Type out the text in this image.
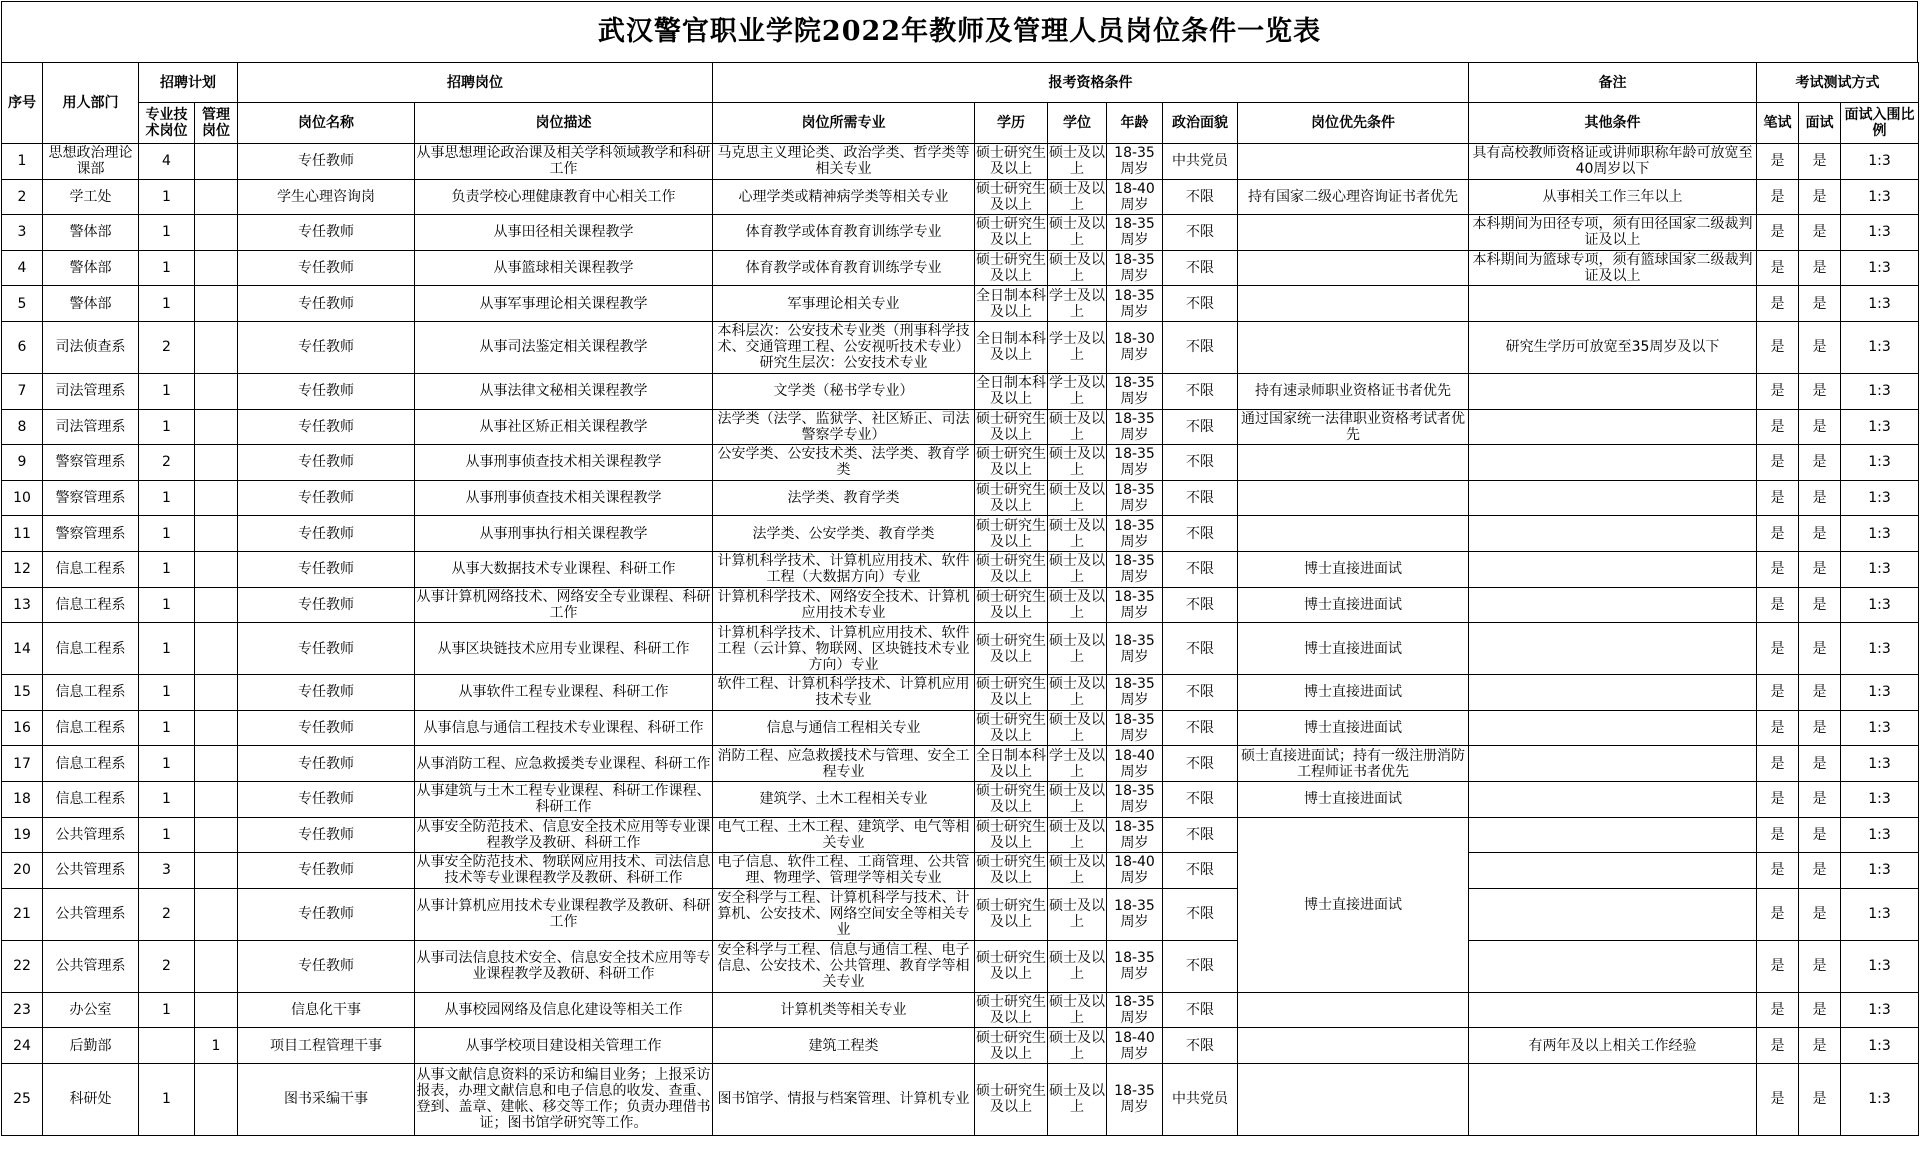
武汉警官职业学院2022年教师及管理人员岗位条件一览表
序号	用人部门	招聘计划		招聘岗位		报考资格条件						备注	考试测试方式		
		专业技术岗位	管理岗位	岗位名称	岗位描述	岗位所需专业	学历	学位	年龄	政治面貌	岗位优先条件	其他条件	笔试	面试	面试入围比例
1	思想政治理论课部	4		专任教师	从事思想理论政治课及相关学科领域教学和科研工作	马克思主义理论类、政治学类、哲学类等相关专业	硕士研究生及以上	硕士及以上	18-35周岁	中共党员		具有高校教师资格证或讲师职称年龄可放宽至40周岁以下	是	是	1:3
2	学工处	1		学生心理咨询岗	负责学校心理健康教育中心相关工作	心理学类或精神病学类等相关专业	硕士研究生及以上	硕士及以上	18-40周岁	不限	持有国家二级心理咨询证书者优先	从事相关工作三年以上	是	是	1:3
3	警体部	1		专任教师	从事田径相关课程教学	体育教学或体育教育训练学专业	硕士研究生及以上	硕士及以上	18-35周岁	不限		本科期间为田径专项，须有田径国家二级裁判证及以上	是	是	1:3
4	警体部	1		专任教师	从事篮球相关课程教学	体育教学或体育教育训练学专业	硕士研究生及以上	硕士及以上	18-35周岁	不限		本科期间为篮球专项，须有篮球国家二级裁判证及以上	是	是	1:3
5	警体部	1		专任教师	从事军事理论相关课程教学	军事理论相关专业	全日制本科及以上	学士及以上	18-35周岁	不限			是	是	1:3
6	司法侦查系	2		专任教师	从事司法鉴定相关课程教学	本科层次：公安技术专业类（刑事科学技术、交通管理工程、公安视听技术专业）研究生层次：公安技术专业	全日制本科及以上	学士及以上	18-30周岁	不限		研究生学历可放宽至35周岁及以下	是	是	1:3
7	司法管理系	1		专任教师	从事法律文秘相关课程教学	文学类（秘书学专业）	全日制本科及以上	学士及以上	18-35周岁	不限	持有速录师职业资格证书者优先		是	是	1:3
8	司法管理系	1		专任教师	从事社区矫正相关课程教学	法学类（法学、监狱学、社区矫正、司法警察学专业）	硕士研究生及以上	硕士及以上	18-35周岁	不限	通过国家统一法律职业资格考试者优先		是	是	1:3
9	警察管理系	2		专任教师	从事刑事侦查技术相关课程教学	公安学类、公安技术类、法学类、教育学类	硕士研究生及以上	硕士及以上	18-35周岁	不限			是	是	1:3
10	警察管理系	1		专任教师	从事刑事侦查技术相关课程教学	法学类、教育学类	硕士研究生及以上	硕士及以上	18-35周岁	不限			是	是	1:3
11	警察管理系	1		专任教师	从事刑事执行相关课程教学	法学类、公安学类、教育学类	硕士研究生及以上	硕士及以上	18-35周岁	不限			是	是	1:3
12	信息工程系	1		专任教师	从事大数据技术专业课程、科研工作	计算机科学技术、计算机应用技术、软件工程（大数据方向）专业	硕士研究生及以上	硕士及以上	18-35周岁	不限	博士直接进面试		是	是	1:3
13	信息工程系	1		专任教师	从事计算机网络技术、网络安全专业课程、科研工作	计算机科学技术、网络安全技术、计算机应用技术专业	硕士研究生及以上	硕士及以上	18-35周岁	不限	博士直接进面试		是	是	1:3
14	信息工程系	1		专任教师	从事区块链技术应用专业课程、科研工作	计算机科学技术、计算机应用技术、软件工程（云计算、物联网、区块链技术专业方向）专业	硕士研究生及以上	硕士及以上	18-35周岁	不限	博士直接进面试		是	是	1:3
15	信息工程系	1		专任教师	从事软件工程专业课程、科研工作	软件工程、计算机科学技术、计算机应用技术专业	硕士研究生及以上	硕士及以上	18-35周岁	不限	博士直接进面试		是	是	1:3
16	信息工程系	1		专任教师	从事信息与通信工程技术专业课程、科研工作	信息与通信工程相关专业	硕士研究生及以上	硕士及以上	18-35周岁	不限	博士直接进面试		是	是	1:3
17	信息工程系	1		专任教师	从事消防工程、应急救援类专业课程、科研工作	消防工程、应急救援技术与管理、安全工程专业	全日制本科及以上	学士及以上	18-40周岁	不限	硕士直接进面试；持有一级注册消防工程师证书者优先		是	是	1:3
18	信息工程系	1		专任教师	从事建筑与土木工程专业课程、科研工作课程、科研工作	建筑学、土木工程相关专业	硕士研究生及以上	硕士及以上	18-35周岁	不限	博士直接进面试		是	是	1:3
19	公共管理系	1		专任教师	从事安全防范技术、信息安全技术应用等专业课程教学及教研、科研工作	电气工程、土木工程、建筑学、电气等相关专业	硕士研究生及以上	硕士及以上	18-35周岁	不限	博士直接进面试		是	是	1:3
20	公共管理系	3		专任教师	从事安全防范技术、物联网应用技术、司法信息技术等专业课程教学及教研、科研工作	电子信息、软件工程、工商管理、公共管理、物理学、管理学等相关专业	硕士研究生及以上	硕士及以上	18-40周岁	不限			是	是	1:3
21	公共管理系	2		专任教师	从事计算机应用技术专业课程教学及教研、科研工作	安全科学与工程、计算机科学与技术、计算机、公安技术、网络空间安全等相关专业	硕士研究生及以上	硕士及以上	18-35周岁	不限			是	是	1:3
22	公共管理系	2		专任教师	从事司法信息技术安全、信息安全技术应用等专业课程教学及教研、科研工作	安全科学与工程、信息与通信工程、电子信息、公安技术、公共管理、教育学等相关专业	硕士研究生及以上	硕士及以上	18-35周岁	不限			是	是	1:3
23	办公室	1		信息化干事	从事校园网络及信息化建设等相关工作	计算机类等相关专业	硕士研究生及以上	硕士及以上	18-35周岁	不限			是	是	1:3
24	后勤部		1	项目工程管理干事	从事学校项目建设相关管理工作	建筑工程类	硕士研究生及以上	硕士及以上	18-40周岁	不限		有两年及以上相关工作经验	是	是	1:3
25	科研处	1		图书采编干事	从事文献信息资料的采访和编目业务；上报采访报表，办理文献信息和电子信息的收发、查重、登到、盖章、建帐、移交等工作；负责办理借书证；图书馆学研究等工作。	图书馆学、情报与档案管理、计算机专业	硕士研究生及以上	硕士及以上	18-35周岁	中共党员			是	是	1:3
